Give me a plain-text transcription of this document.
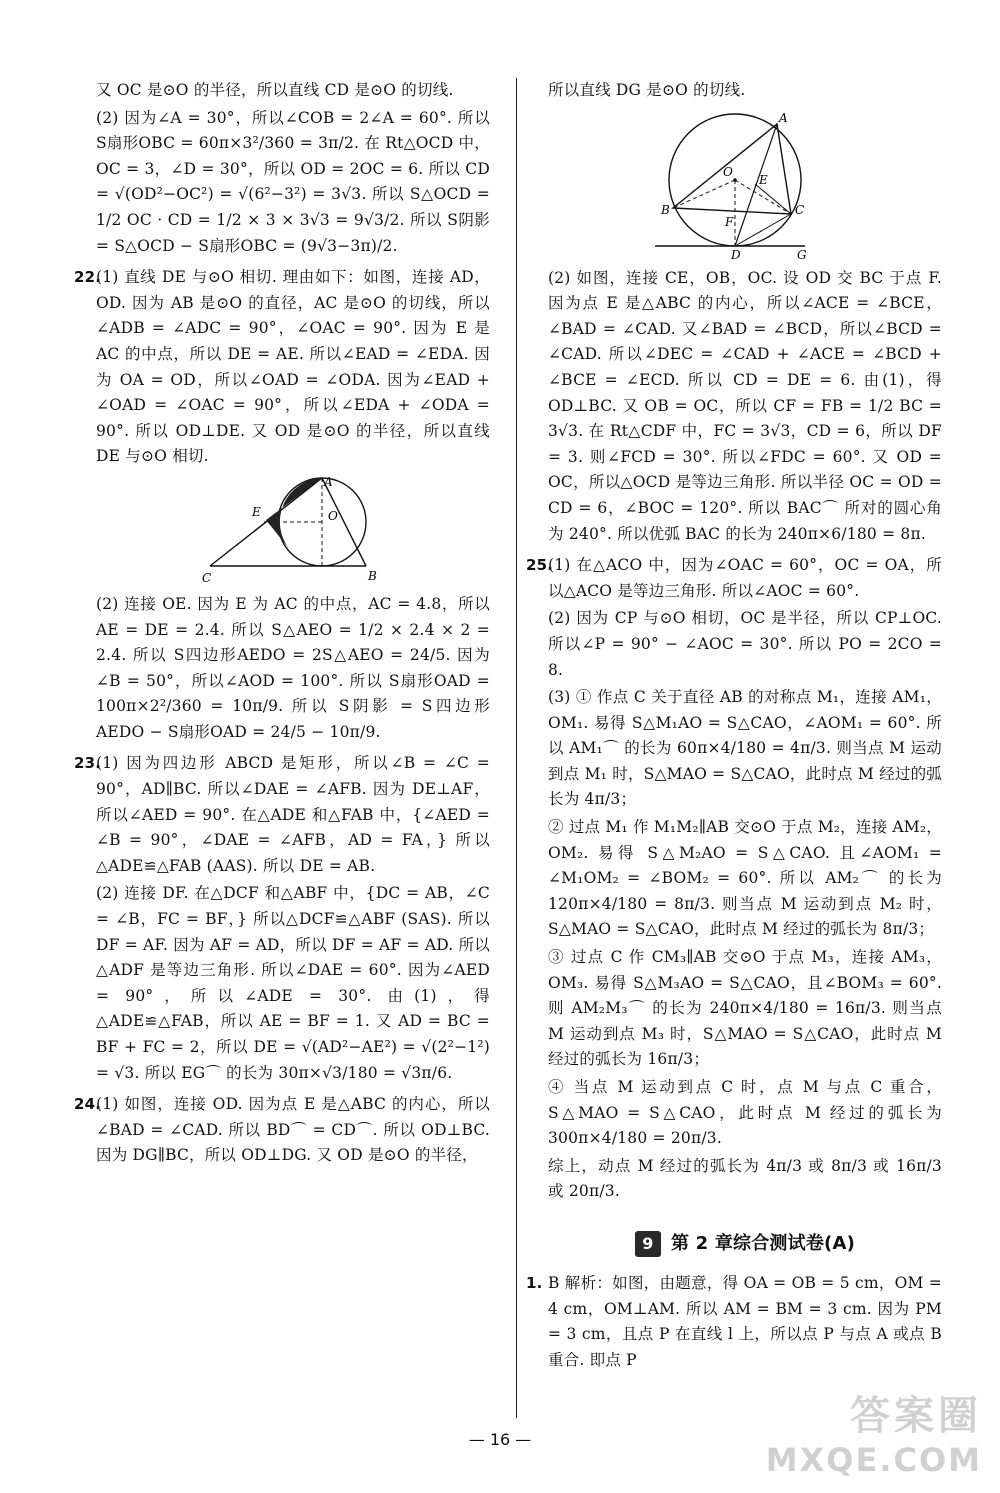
又 OC 是⊙O 的半径，所以直线 CD 是⊙O 的切线.

(2) 因为∠A = 30°，所以∠COB = 2∠A = 60°. 所以 S扇形OBC = 60π×3²/360 = 3π/2. 在 Rt△OCD 中，OC = 3，∠D = 30°，所以 OD = 2OC = 6. 所以 CD = √(OD²−OC²) = √(6²−3²) = 3√3. 所以 S△OCD = 1/2 OC · CD = 1/2 × 3 × 3√3 = 9√3/2. 所以 S阴影 = S△OCD − S扇形OBC = (9√3−3π)/2.

22.

(1) 直线 DE 与⊙O 相切. 理由如下：如图，连接 AD，OD. 因为 AB 是⊙O 的直径，AC 是⊙O 的切线，所以∠ADB = ∠ADC = 90°，∠OAC = 90°. 因为 E 是 AC 的中点，所以 DE = AE. 所以∠EAD = ∠EDA. 因为 OA = OD，所以∠OAD = ∠ODA. 因为∠EAD + ∠OAD = ∠OAC = 90°，所以∠EDA + ∠ODA = 90°. 所以 OD⊥DE. 又 OD 是⊙O 的半径，所以直线 DE 与⊙O 相切.

C
A
E	O
B

(2) 连接 OE. 因为 E 为 AC 的中点，AC = 4.8，所以 AE = DE = 2.4. 所以 S△AEO = 1/2 × 2.4 × 2 = 2.4. 所以 S四边形AEDO = 2S△AEO = 24/5. 因为∠B = 50°，所以∠AOD = 100°. 所以 S扇形OAD = 100π×2²/360 = 10π/9. 所以 S阴影 = S四边形AEDO − S扇形OAD = 24/5 − 10π/9.

23.

(1) 因为四边形 ABCD 是矩形，所以∠B = ∠C = 90°，AD∥BC. 所以∠DAE = ∠AFB. 因为 DE⊥AF，所以∠AED = 90°. 在△ADE 和△FAB 中，{∠AED = ∠B = 90°，∠DAE = ∠AFB，AD = FA，} 所以△ADE≌△FAB (AAS). 所以 DE = AB.

(2) 连接 DF. 在△DCF 和△ABF 中，{DC = AB，∠C = ∠B，FC = BF，} 所以△DCF≌△ABF (SAS). 所以 DF = AF. 因为 AF = AD，所以 DF = AF = AD. 所以△ADF 是等边三角形. 所以∠DAE = 60°. 因为∠AED = 90°，所以∠ADE = 30°. 由(1)，得△ADE≌△FAB，所以 AE = BF = 1. 又 AD = BC = BF + FC = 2，所以 DE = √(AD²−AE²) = √(2²−1²) = √3. 所以 EG⌒ 的长为 30π×√3/180 = √3π/6.

24.

(1) 如图，连接 OD. 因为点 E 是△ABC 的内心，所以∠BAD = ∠CAD. 所以 BD⌒ = CD⌒. 所以 OD⊥BC. 因为 DG∥BC，所以 OD⊥DG. 又 OD 是⊙O 的半径，

所以直线 DG 是⊙O 的切线.

A
O
E
B
F
C
D	G

(2) 如图，连接 CE，OB，OC. 设 OD 交 BC 于点 F. 因为点 E 是△ABC 的内心，所以∠ACE = ∠BCE，∠BAD = ∠CAD. 又∠BAD = ∠BCD，所以∠BCD = ∠CAD. 所以∠DEC = ∠CAD + ∠ACE = ∠BCD + ∠BCE = ∠ECD. 所以 CD = DE = 6. 由(1)，得 OD⊥BC. 又 OB = OC，所以 CF = FB = 1/2 BC = 3√3. 在 Rt△CDF 中，FC = 3√3，CD = 6，所以 DF = 3. 则∠FCD = 30°. 所以∠FDC = 60°. 又 OD = OC，所以△OCD 是等边三角形. 所以半径 OC = OD = CD = 6，∠BOC = 120°. 所以 BAC⌒ 所对的圆心角为 240°. 所以优弧 BAC 的长为 240π×6/180 = 8π.

25.

(1) 在△ACO 中，因为∠OAC = 60°，OC = OA，所以△ACO 是等边三角形. 所以∠AOC = 60°.

(2) 因为 CP 与⊙O 相切，OC 是半径，所以 CP⊥OC. 所以∠P = 90° − ∠AOC = 30°. 所以 PO = 2CO = 8.

(3) ① 作点 C 关于直径 AB 的对称点 M₁，连接 AM₁，OM₁. 易得 S△M₁AO = S△CAO，∠AOM₁ = 60°. 所以 AM₁⌒ 的长为 60π×4/180 = 4π/3. 则当点 M 运动到点 M₁ 时，S△MAO = S△CAO，此时点 M 经过的弧长为 4π/3；

② 过点 M₁ 作 M₁M₂∥AB 交⊙O 于点 M₂，连接 AM₂，OM₂. 易得 S△M₂AO = S△CAO. 且∠AOM₁ = ∠M₁OM₂ = ∠BOM₂ = 60°. 所以 AM₂⌒ 的长为 120π×4/180 = 8π/3. 则当点 M 运动到点 M₂ 时，S△MAO = S△CAO，此时点 M 经过的弧长为 8π/3；

③ 过点 C 作 CM₃∥AB 交⊙O 于点 M₃，连接 AM₃，OM₃. 易得 S△M₃AO = S△CAO，且∠BOM₃ = 60°. 则 AM₂M₃⌒ 的长为 240π×4/180 = 16π/3. 则当点 M 运动到点 M₃ 时，S△MAO = S△CAO，此时点 M 经过的弧长为 16π/3；

④ 当点 M 运动到点 C 时，点 M 与点 C 重合，S△MAO = S△CAO，此时点 M 经过的弧长为 300π×4/180 = 20π/3.

综上，动点 M 经过的弧长为 4π/3 或 8π/3 或 16π/3 或 20π/3.

9 第 2 章综合测试卷(A)
1. B 解析：如图，由题意，得 OA = OB = 5 cm，OM = 4 cm，OM⊥AM. 所以 AM = BM = 3 cm. 因为 PM = 3 cm，且点 P 在直线 l 上，所以点 P 与点 A 或点 B 重合. 即点 P

— 16 —
答案圈
MXQE.COM
